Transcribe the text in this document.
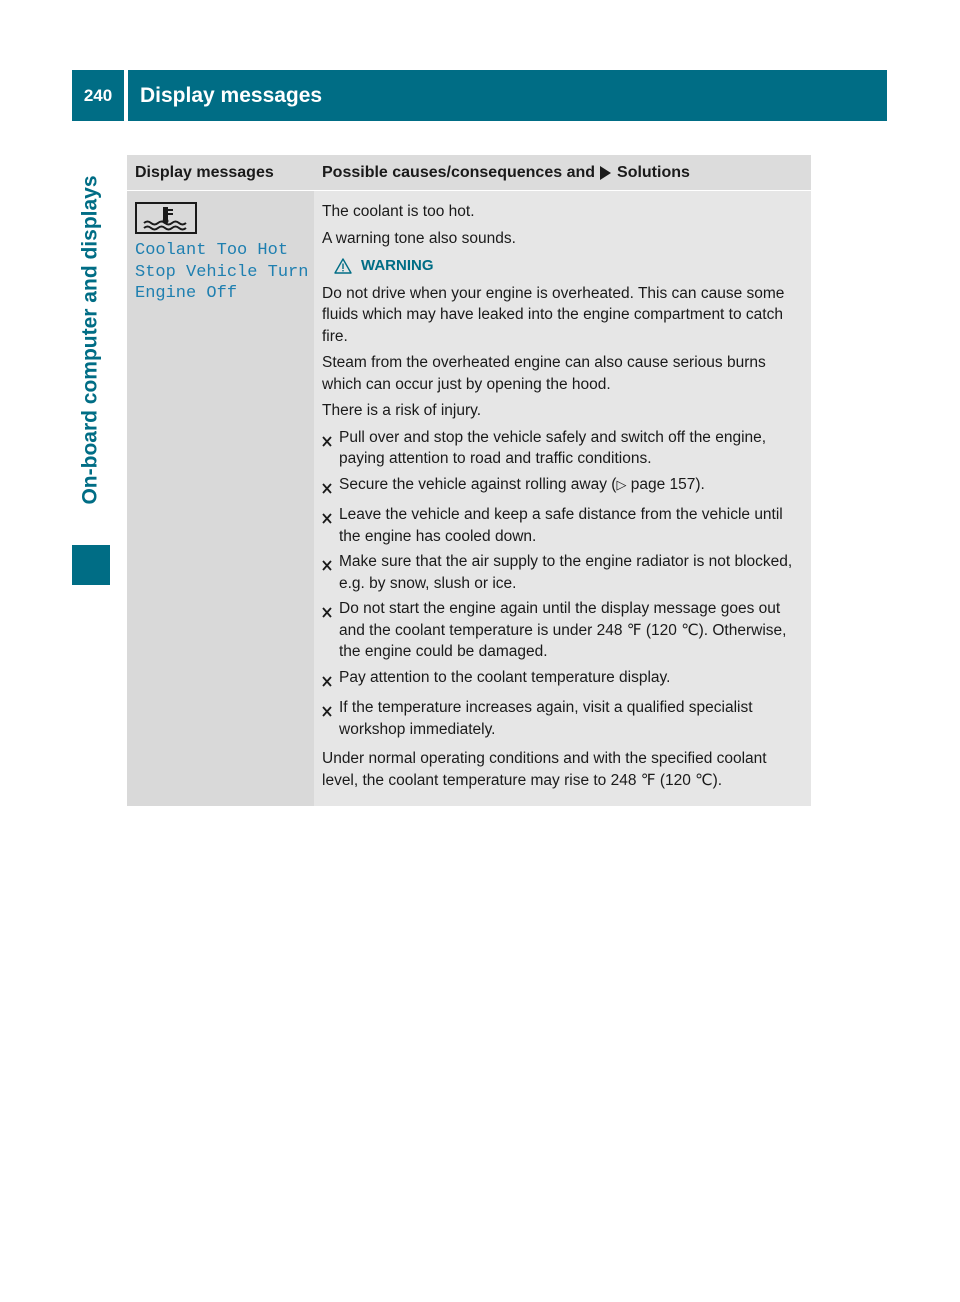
240	Display messages
On-board computer and displays
Display messages	Possible causes/consequences and Solutions
Coolant Too Hot
Stop Vehicle Turn
Engine Off

The coolant is too hot.

A warning tone also sounds.

WARNING

Do not drive when your engine is overheated. This can cause some fluids which may have leaked into the engine compartment to catch fire.

Steam from the overheated engine can also cause serious burns which can occur just by opening the hood.

There is a risk of injury.

Pull over and stop the vehicle safely and switch off the engine, paying attention to road and traffic conditions.
Secure the vehicle against rolling away (▷ page 157).
Leave the vehicle and keep a safe distance from the vehicle until the engine has cooled down.
Make sure that the air supply to the engine radiator is not blocked, e.g. by snow, slush or ice.
Do not start the engine again until the display message goes out and the coolant temperature is under 248 ℉ (120 ℃). Otherwise, the engine could be damaged.
Pay attention to the coolant temperature display.
If the temperature increases again, visit a qualified specialist workshop immediately.

Under normal operating conditions and with the specified coolant level, the coolant temperature may rise to 248 ℉ (120 ℃).
